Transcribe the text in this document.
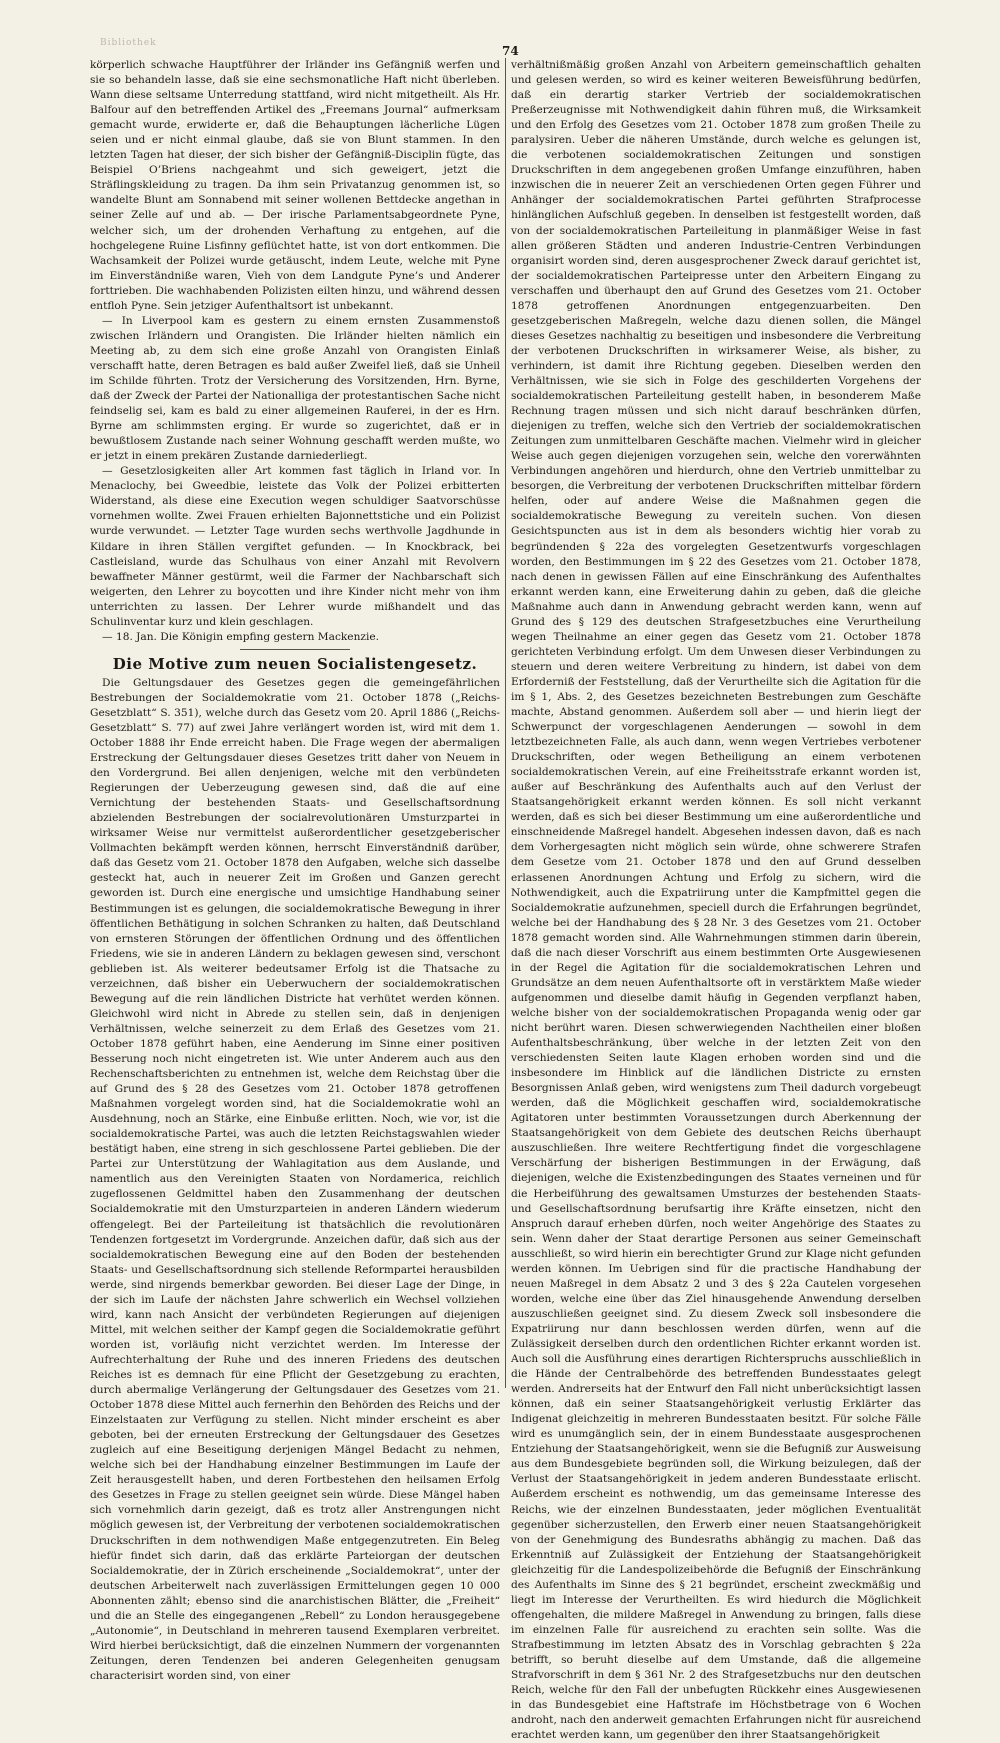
Bibliothek
74

körperlich schwache Hauptführer der Irländer ins Gefängniß werfen und sie so behandeln lasse, daß sie eine sechsmonatliche Haft nicht überleben. Wann diese seltsame Unterredung stattfand, wird nicht mitgetheilt. Als Hr. Balfour auf den betreffenden Artikel des „Freemans Journal“ aufmerksam gemacht wurde, erwiderte er, daß die Behauptungen lächerliche Lügen seien und er nicht einmal glaube, daß sie von Blunt stammen. In den letzten Tagen hat dieser, der sich bisher der Gefängniß-Disciplin fügte, das Beispiel O’Briens nachgeahmt und sich geweigert, jetzt die Sträflingskleidung zu tragen. Da ihm sein Privatanzug genommen ist, so wandelte Blunt am Sonnabend mit seiner wollenen Bettdecke angethan in seiner Zelle auf und ab. — Der irische Parlamentsabgeordnete Pyne, welcher sich, um der drohenden Verhaftung zu entgehen, auf die hochgelegene Ruine Lisfinny geflüchtet hatte, ist von dort entkommen. Die Wachsamkeit der Polizei wurde getäuscht, indem Leute, welche mit Pyne im Einverständniße waren, Vieh von dem Landgute Pyne’s und Anderer forttrieben. Die wachhabenden Polizisten eilten hinzu, und während dessen entfloh Pyne. Sein jetziger Aufenthaltsort ist unbekannt.

— In Liverpool kam es gestern zu einem ernsten Zusammenstoß zwischen Irländern und Orangisten. Die Irländer hielten nämlich ein Meeting ab, zu dem sich eine große Anzahl von Orangisten Einlaß verschafft hatte, deren Betragen es bald außer Zweifel ließ, daß sie Unheil im Schilde führten. Trotz der Versicherung des Vorsitzenden, Hrn. Byrne, daß der Zweck der Partei der Nationalliga der protestantischen Sache nicht feindselig sei, kam es bald zu einer allgemeinen Rauferei, in der es Hrn. Byrne am schlimmsten erging. Er wurde so zugerichtet, daß er in bewußtlosem Zustande nach seiner Wohnung geschafft werden mußte, wo er jetzt in einem prekären Zustande darniederliegt.

— Gesetzlosigkeiten aller Art kommen fast täglich in Irland vor. In Menaclochy, bei Gweedbie, leistete das Volk der Polizei erbitterten Widerstand, als diese eine Execution wegen schuldiger Saatvorschüsse vornehmen wollte. Zwei Frauen erhielten Bajonnettstiche und ein Polizist wurde verwundet. — Letzter Tage wurden sechs werthvolle Jagdhunde in Kildare in ihren Ställen vergiftet gefunden. — In Knockbrack, bei Castleisland, wurde das Schulhaus von einer Anzahl mit Revolvern bewaffneter Männer gestürmt, weil die Farmer der Nachbarschaft sich weigerten, den Lehrer zu boycotten und ihre Kinder nicht mehr von ihm unterrichten zu lassen. Der Lehrer wurde mißhandelt und das Schulinventar kurz und klein geschlagen.

— 18. Jan. Die Königin empfing gestern Mackenzie.

Die Motive zum neuen Socialistengesetz.

Die Geltungsdauer des Gesetzes gegen die gemeingefährlichen Bestrebungen der Socialdemokratie vom 21. October 1878 („Reichs-Gesetzblatt“ S. 351), welche durch das Gesetz vom 20. April 1886 („Reichs-Gesetzblatt“ S. 77) auf zwei Jahre verlängert worden ist, wird mit dem 1. October 1888 ihr Ende erreicht haben. Die Frage wegen der abermaligen Erstreckung der Geltungsdauer dieses Gesetzes tritt daher von Neuem in den Vordergrund. Bei allen denjenigen, welche mit den verbündeten Regierungen der Ueberzeugung gewesen sind, daß die auf eine Vernichtung der bestehenden Staats- und Gesellschaftsordnung abzielenden Bestrebungen der socialrevolutionären Umsturzpartei in wirksamer Weise nur vermittelst außerordentlicher gesetzgeberischer Vollmachten bekämpft werden können, herrscht Einverständniß darüber, daß das Gesetz vom 21. October 1878 den Aufgaben, welche sich dasselbe gesteckt hat, auch in neuerer Zeit im Großen und Ganzen gerecht geworden ist. Durch eine energische und umsichtige Handhabung seiner Bestimmungen ist es gelungen, die socialdemokratische Bewegung in ihrer öffentlichen Bethätigung in solchen Schranken zu halten, daß Deutschland von ernsteren Störungen der öffentlichen Ordnung und des öffentlichen Friedens, wie sie in anderen Ländern zu beklagen gewesen sind, verschont geblieben ist. Als weiterer bedeutsamer Erfolg ist die Thatsache zu verzeichnen, daß bisher ein Ueberwuchern der socialdemokratischen Bewegung auf die rein ländlichen Districte hat verhütet werden können. Gleichwohl wird nicht in Abrede zu stellen sein, daß in denjenigen Verhältnissen, welche seinerzeit zu dem Erlaß des Gesetzes vom 21. October 1878 geführt haben, eine Aenderung im Sinne einer positiven Besserung noch nicht eingetreten ist. Wie unter Anderem auch aus den Rechenschaftsberichten zu entnehmen ist, welche dem Reichstag über die auf Grund des § 28 des Gesetzes vom 21. October 1878 getroffenen Maßnahmen vorgelegt worden sind, hat die Socialdemokratie wohl an Ausdehnung, noch an Stärke, eine Einbuße erlitten. Noch, wie vor, ist die socialdemokratische Partei, was auch die letzten Reichstagswahlen wieder bestätigt haben, eine streng in sich geschlossene Partei geblieben. Die der Partei zur Unterstützung der Wahlagitation aus dem Auslande, und namentlich aus den Vereinigten Staaten von Nordamerica, reichlich zugeflossenen Geldmittel haben den Zusammenhang der deutschen Socialdemokratie mit den Umsturzparteien in anderen Ländern wiederum offengelegt. Bei der Parteileitung ist thatsächlich die revolutionären Tendenzen fortgesetzt im Vordergrunde. Anzeichen dafür, daß sich aus der socialdemokratischen Bewegung eine auf den Boden der bestehenden Staats- und Gesellschaftsordnung sich stellende Reformpartei herausbilden werde, sind nirgends bemerkbar geworden. Bei dieser Lage der Dinge, in der sich im Laufe der nächsten Jahre schwerlich ein Wechsel vollziehen wird, kann nach Ansicht der verbündeten Regierungen auf diejenigen Mittel, mit welchen seither der Kampf gegen die Socialdemokratie geführt worden ist, vorläufig nicht verzichtet werden. Im Interesse der Aufrechterhaltung der Ruhe und des inneren Friedens des deutschen Reiches ist es demnach für eine Pflicht der Gesetzgebung zu erachten, durch abermalige Verlängerung der Geltungsdauer des Gesetzes vom 21. October 1878 diese Mittel auch fernerhin den Behörden des Reichs und der Einzelstaaten zur Verfügung zu stellen. Nicht minder erscheint es aber geboten, bei der erneuten Erstreckung der Geltungsdauer des Gesetzes zugleich auf eine Beseitigung derjenigen Mängel Bedacht zu nehmen, welche sich bei der Handhabung einzelner Bestimmungen im Laufe der Zeit herausgestellt haben, und deren Fortbestehen den heilsamen Erfolg des Gesetzes in Frage zu stellen geeignet sein würde. Diese Mängel haben sich vornehmlich darin gezeigt, daß es trotz aller Anstrengungen nicht möglich gewesen ist, der Verbreitung der verbotenen socialdemokratischen Druckschriften in dem nothwendigen Maße entgegenzutreten. Ein Beleg hiefür findet sich darin, daß das erklärte Parteiorgan der deutschen Socialdemokratie, der in Zürich erscheinende „Socialdemokrat“, unter der deutschen Arbeiterwelt nach zuverlässigen Ermittelungen gegen 10 000 Abonnenten zählt; ebenso sind die anarchistischen Blätter, die „Freiheit“ und die an Stelle des eingegangenen „Rebell“ zu London herausgegebene „Autonomie“, in Deutschland in mehreren tausend Exemplaren verbreitet. Wird hierbei berücksichtigt, daß die einzelnen Nummern der vorgenannten Zeitungen, deren Tendenzen bei anderen Gelegenheiten genugsam characterisirt worden sind, von einer

verhältnißmäßig großen Anzahl von Arbeitern gemeinschaftlich gehalten und gelesen werden, so wird es keiner weiteren Beweisführung bedürfen, daß ein derartig starker Vertrieb der socialdemokratischen Preßerzeugnisse mit Nothwendigkeit dahin führen muß, die Wirksamkeit und den Erfolg des Gesetzes vom 21. October 1878 zum großen Theile zu paralysiren. Ueber die näheren Umstände, durch welche es gelungen ist, die verbotenen socialdemokratischen Zeitungen und sonstigen Druckschriften in dem angegebenen großen Umfange einzuführen, haben inzwischen die in neuerer Zeit an verschiedenen Orten gegen Führer und Anhänger der socialdemokratischen Partei geführten Strafprocesse hinlänglichen Aufschluß gegeben. In denselben ist festgestellt worden, daß von der socialdemokratischen Parteileitung in planmäßiger Weise in fast allen größeren Städten und anderen Industrie-Centren Verbindungen organisirt worden sind, deren ausgesprochener Zweck darauf gerichtet ist, der socialdemokratischen Parteipresse unter den Arbeitern Eingang zu verschaffen und überhaupt den auf Grund des Gesetzes vom 21. October 1878 getroffenen Anordnungen entgegenzuarbeiten. Den gesetzgeberischen Maßregeln, welche dazu dienen sollen, die Mängel dieses Gesetzes nachhaltig zu beseitigen und insbesondere die Verbreitung der verbotenen Druckschriften in wirksamerer Weise, als bisher, zu verhindern, ist damit ihre Richtung gegeben. Dieselben werden den Verhältnissen, wie sie sich in Folge des geschilderten Vorgehens der socialdemokratischen Parteileitung gestellt haben, in besonderem Maße Rechnung tragen müssen und sich nicht darauf beschränken dürfen, diejenigen zu treffen, welche sich den Vertrieb der socialdemokratischen Zeitungen zum unmittelbaren Geschäfte machen. Vielmehr wird in gleicher Weise auch gegen diejenigen vorzugehen sein, welche den vorerwähnten Verbindungen angehören und hierdurch, ohne den Vertrieb unmittelbar zu besorgen, die Verbreitung der verbotenen Druckschriften mittelbar fördern helfen, oder auf andere Weise die Maßnahmen gegen die socialdemokratische Bewegung zu vereiteln suchen. Von diesen Gesichtspuncten aus ist in dem als besonders wichtig hier vorab zu begründenden § 22a des vorgelegten Gesetzentwurfs vorgeschlagen worden, den Bestimmungen im § 22 des Gesetzes vom 21. October 1878, nach denen in gewissen Fällen auf eine Einschränkung des Aufenthaltes erkannt werden kann, eine Erweiterung dahin zu geben, daß die gleiche Maßnahme auch dann in Anwendung gebracht werden kann, wenn auf Grund des § 129 des deutschen Strafgesetzbuches eine Verurtheilung wegen Theilnahme an einer gegen das Gesetz vom 21. October 1878 gerichteten Verbindung erfolgt. Um dem Unwesen dieser Verbindungen zu steuern und deren weitere Verbreitung zu hindern, ist dabei von dem Erforderniß der Feststellung, daß der Verurtheilte sich die Agitation für die im § 1, Abs. 2, des Gesetzes bezeichneten Bestrebungen zum Geschäfte machte, Abstand genommen. Außerdem soll aber — und hierin liegt der Schwerpunct der vorgeschlagenen Aenderungen — sowohl in dem letztbezeichneten Falle, als auch dann, wenn wegen Vertriebes verbotener Druckschriften, oder wegen Betheiligung an einem verbotenen socialdemokratischen Verein, auf eine Freiheitsstrafe erkannt worden ist, außer auf Beschränkung des Aufenthalts auch auf den Verlust der Staatsangehörigkeit erkannt werden können. Es soll nicht verkannt werden, daß es sich bei dieser Bestimmung um eine außerordentliche und einschneidende Maßregel handelt. Abgesehen indessen davon, daß es nach dem Vorhergesagten nicht möglich sein würde, ohne schwerere Strafen dem Gesetze vom 21. October 1878 und den auf Grund desselben erlassenen Anordnungen Achtung und Erfolg zu sichern, wird die Nothwendigkeit, auch die Expatriirung unter die Kampfmittel gegen die Socialdemokratie aufzunehmen, speciell durch die Erfahrungen begründet, welche bei der Handhabung des § 28 Nr. 3 des Gesetzes vom 21. October 1878 gemacht worden sind. Alle Wahrnehmungen stimmen darin überein, daß die nach dieser Vorschrift aus einem bestimmten Orte Ausgewiesenen in der Regel die Agitation für die socialdemokratischen Lehren und Grundsätze an dem neuen Aufenthaltsorte oft in verstärktem Maße wieder aufgenommen und dieselbe damit häufig in Gegenden verpflanzt haben, welche bisher von der socialdemokratischen Propaganda wenig oder gar nicht berührt waren. Diesen schwerwiegenden Nachtheilen einer bloßen Aufenthaltsbeschränkung, über welche in der letzten Zeit von den verschiedensten Seiten laute Klagen erhoben worden sind und die insbesondere im Hinblick auf die ländlichen Districte zu ernsten Besorgnissen Anlaß geben, wird wenigstens zum Theil dadurch vorgebeugt werden, daß die Möglichkeit geschaffen wird, socialdemokratische Agitatoren unter bestimmten Voraussetzungen durch Aberkennung der Staatsangehörigkeit von dem Gebiete des deutschen Reichs überhaupt auszuschließen. Ihre weitere Rechtfertigung findet die vorgeschlagene Verschärfung der bisherigen Bestimmungen in der Erwägung, daß diejenigen, welche die Existenzbedingungen des Staates verneinen und für die Herbeiführung des gewaltsamen Umsturzes der bestehenden Staats- und Gesellschaftsordnung berufsartig ihre Kräfte einsetzen, nicht den Anspruch darauf erheben dürfen, noch weiter Angehörige des Staates zu sein. Wenn daher der Staat derartige Personen aus seiner Gemeinschaft ausschließt, so wird hierin ein berechtigter Grund zur Klage nicht gefunden werden können. Im Uebrigen sind für die practische Handhabung der neuen Maßregel in dem Absatz 2 und 3 des § 22a Cautelen vorgesehen worden, welche eine über das Ziel hinausgehende Anwendung derselben auszuschließen geeignet sind. Zu diesem Zweck soll insbesondere die Expatriirung nur dann beschlossen werden dürfen, wenn auf die Zulässigkeit derselben durch den ordentlichen Richter erkannt worden ist. Auch soll die Ausführung eines derartigen Richterspruchs ausschließlich in die Hände der Centralbehörde des betreffenden Bundesstaates gelegt werden. Andrerseits hat der Entwurf den Fall nicht unberücksichtigt lassen können, daß ein seiner Staatsangehörigkeit verlustig Erklärter das Indigenat gleichzeitig in mehreren Bundesstaaten besitzt. Für solche Fälle wird es unumgänglich sein, der in einem Bundesstaate ausgesprochenen Entziehung der Staatsangehörigkeit, wenn sie die Befugniß zur Ausweisung aus dem Bundesgebiete begründen soll, die Wirkung beizulegen, daß der Verlust der Staatsangehörigkeit in jedem anderen Bundesstaate erlischt. Außerdem erscheint es nothwendig, um das gemeinsame Interesse des Reichs, wie der einzelnen Bundesstaaten, jeder möglichen Eventualität gegenüber sicherzustellen, den Erwerb einer neuen Staatsangehörigkeit von der Genehmigung des Bundesraths abhängig zu machen. Daß das Erkenntniß auf Zulässigkeit der Entziehung der Staatsangehörigkeit gleichzeitig für die Landespolizeibehörde die Befugniß der Einschränkung des Aufenthalts im Sinne des § 21 begründet, erscheint zweckmäßig und liegt im Interesse der Verurtheilten. Es wird hiedurch die Möglichkeit offengehalten, die mildere Maßregel in Anwendung zu bringen, falls diese im einzelnen Falle für ausreichend zu erachten sein sollte. Was die Strafbestimmung im letzten Absatz des in Vorschlag gebrachten § 22a betrifft, so beruht dieselbe auf dem Umstande, daß die allgemeine Strafvorschrift in dem § 361 Nr. 2 des Strafgesetzbuchs nur den deutschen Reich, welche für den Fall der unbefugten Rückkehr eines Ausgewiesenen in das Bundesgebiet eine Haftstrafe im Höchstbetrage von 6 Wochen androht, nach den anderweit gemachten Erfahrungen nicht für ausreichend erachtet werden kann, um gegenüber den ihrer Staatsangehörigkeit
